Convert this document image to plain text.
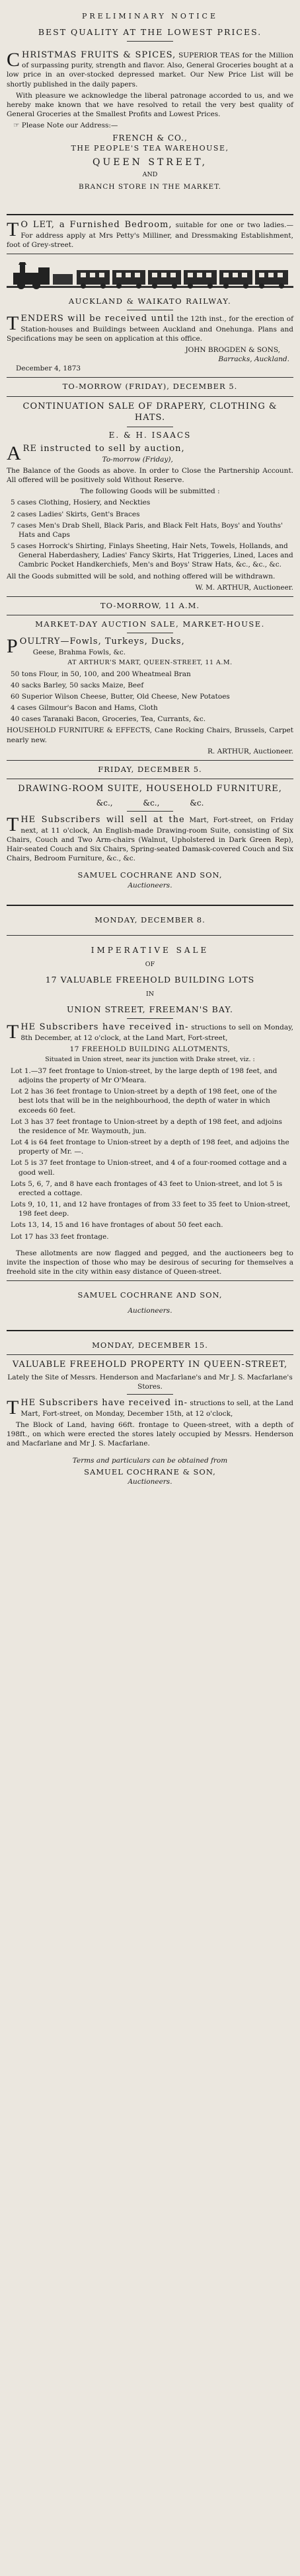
PRELIMINARY NOTICE
BEST QUALITY AT THE LOWEST PRICES.

C HRISTMAS FRUITS & SPICES, SUPERIOR TEAS for the Million of surpassing purity, strength and flavor. Also, General Groceries bought at a low price in an over-stocked depressed market. Our New Price List will be shortly published in the daily papers.

With pleasure we acknowledge the liberal patronage accorded to us, and we hereby make known that we have resolved to retail the very best quality of General Groceries at the Smallest Profits and Lowest Prices.

☞ Please Note our Address:—

FRENCH & CO.,
THE PEOPLE'S TEA WAREHOUSE,
QUEEN STREET,
AND
BRANCH STORE IN THE MARKET.

T O LET, a Furnished Bedroom, suitable for one or two ladies.—For address apply at Mrs Petty's Milliner, and Dressmaking Establishment, foot of Grey-street.

AUCKLAND & WAIKATO RAILWAY.

T ENDERS will be received until the 12th inst., for the erection of Station-houses and Buildings between Auckland and Onehunga. Plans and Specifications may be seen on application at this office.

JOHN BROGDEN & SONS,
Barracks, Auckland.
December 4, 1873
TO-MORROW (FRIDAY), DECEMBER 5.
CONTINUATION SALE OF DRAPERY, CLOTHING & HATS.
E. & H. ISAACS

A RE instructed to sell by auction,
To-morrow (Friday),

The Balance of the Goods as above. In order to Close the Partnership Account. All offered will be positively sold Without Reserve.

The following Goods will be submitted :

5 cases Clothing, Hosiery, and Neckties

2 cases Ladies' Skirts, Gent's Braces

7 cases Men's Drab Shell, Black Paris, and Black Felt Hats, Boys' and Youths' Hats and Caps

5 cases Horrock's Shirting, Finlays Sheeting, Hair Nets, Towels, Hollands, and General Haberdashery, Ladies' Fancy Skirts, Hat Triggeries, Lined, Laces and Cambric Pocket Handkerchiefs, Men's and Boys' Straw Hats, &c., &c., &c.

All the Goods submitted will be sold, and nothing offered will be withdrawn.

W. M. ARTHUR, Auctioneer.
TO-MORROW, 11 A.M.
MARKET-DAY AUCTION SALE, MARKET-HOUSE.

P OULTRY—Fowls, Turkeys, Ducks,
Geese, Brahma Fowls, &c.

AT ARTHUR'S MART, QUEEN-STREET, 11 A.M.

50 tons Flour, in 50, 100, and 200 Wheatmeal Bran

40 sacks Barley, 50 sacks Maize, Beef

60 Superior Wilson Cheese, Butter, Old Cheese, New Potatoes

4 cases Gilmour's Bacon and Hams, Cloth

40 cases Taranaki Bacon, Groceries, Tea, Currants, &c.

HOUSEHOLD FURNITURE & EFFECTS, Cane Rocking Chairs, Brussels, Carpet nearly new.

R. ARTHUR, Auctioneer.
FRIDAY, DECEMBER 5.
DRAWING-ROOM SUITE, HOUSEHOLD FURNITURE,
&c.,            &c.,            &c.

T HE Subscribers will sell at the Mart, Fort-street, on Friday next, at 11 o'clock, An English-made Drawing-room Suite, consisting of Six Chairs, Couch and Two Arm-chairs (Walnut, Upholstered in Dark Green Rep), Hair-seated Couch and Six Chairs, Spring-seated Damask-covered Couch and Six Chairs, Bedroom Furniture, &c., &c.

SAMUEL COCHRANE AND SON,
Auctioneers.
MONDAY, DECEMBER 8.
IMPERATIVE SALE
OF
17 VALUABLE FREEHOLD BUILDING LOTS
IN
UNION STREET, FREEMAN'S BAY.

T HE Subscribers have received in- structions to sell on Monday, 8th December, at 12 o'clock, at the Land Mart, Fort-street,

17 FREEHOLD BUILDING ALLOTMENTS,

Situated in Union street, near its junction with Drake street, viz. :

Lot 1.—37 feet frontage to Union-street, by the large depth of 198 feet, and adjoins the property of Mr O'Meara.

Lot 2 has 36 feet frontage to Union-street by a depth of 198 feet, one of the best lots that will be in the neighbourhood, the depth of water in which exceeds 60 feet.

Lot 3 has 37 feet frontage to Union-street by a depth of 198 feet, and adjoins the residence of Mr. Waymouth, jun.

Lot 4 is 64 feet frontage to Union-street by a depth of 198 feet, and adjoins the property of Mr. —.

Lot 5 is 37 feet frontage to Union-street, and 4 of a four-roomed cottage and a good well.

Lots 5, 6, 7, and 8 have each frontages of 43 feet to Union-street, and lot 5 is erected a cottage.

Lots 9, 10, 11, and 12 have frontages of from 33 feet to 35 feet to Union-street, 198 feet deep.

Lots 13, 14, 15 and 16 have frontages of about 50 feet each.

Lot 17 has 33 feet frontage.

These allotments are now flagged and pegged, and the auctioneers beg to invite the inspection of those who may be desirous of securing for themselves a freehold site in the city within easy distance of Queen-street.

SAMUEL COCHRANE AND SON,
Auctioneers.
MONDAY, DECEMBER 15.
VALUABLE FREEHOLD PROPERTY IN QUEEN-STREET,

Lately the Site of Messrs. Henderson and Macfarlane's and Mr J. S. Macfarlane's Stores.

T HE Subscribers have received in- structions to sell, at the Land Mart, Fort-street, on Monday, December 15th, at 12 o'clock,

The Block of Land, having 66ft. frontage to Queen-street, with a depth of 198ft., on which were erected the stores lately occupied by Messrs. Henderson and Macfarlane and Mr J. S. Macfarlane.

Terms and particulars can be obtained from

SAMUEL COCHRANE & SON,
Auctioneers.
